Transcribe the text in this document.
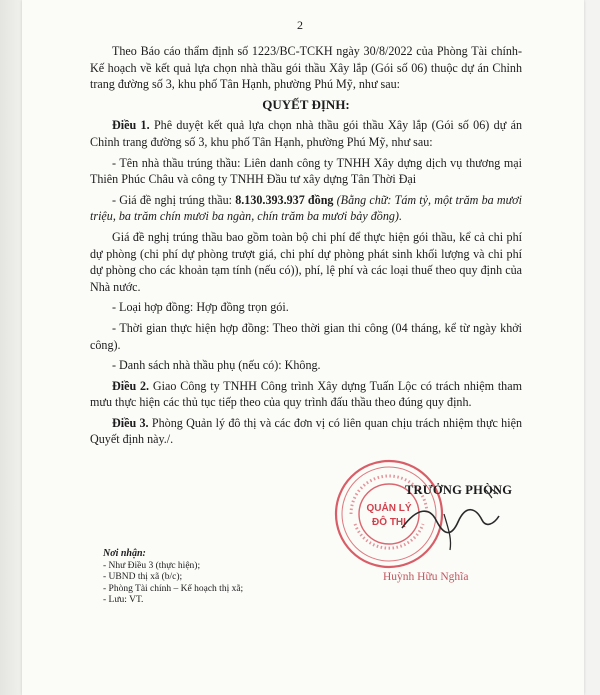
2

Theo Báo cáo thẩm định số 1223/BC-TCKH ngày 30/8/2022 của Phòng Tài chính-Kế hoạch về kết quả lựa chọn nhà thầu gói thầu Xây lắp (Gói số 06) thuộc dự án Chỉnh trang đường số 3, khu phố Tân Hạnh, phường Phú Mỹ, như sau:

QUYẾT ĐỊNH:

Điều 1. Phê duyệt kết quả lựa chọn nhà thầu gói thầu Xây lắp (Gói số 06) dự án Chỉnh trang đường số 3, khu phố Tân Hạnh, phường Phú Mỹ, như sau:

- Tên nhà thầu trúng thầu: Liên danh công ty TNHH Xây dựng dịch vụ thương mại Thiên Phúc Châu và công ty TNHH Đầu tư xây dựng Tân Thời Đại

- Giá đề nghị trúng thầu: 8.130.393.937 đồng (Bằng chữ: Tám tỷ, một trăm ba mươi triệu, ba trăm chín mươi ba ngàn, chín trăm ba mươi bảy đồng).

Giá đề nghị trúng thầu bao gồm toàn bộ chi phí để thực hiện gói thầu, kể cả chi phí dự phòng (chi phí dự phòng trượt giá, chi phí dự phòng phát sinh khối lượng và chi phí dự phòng cho các khoản tạm tính (nếu có)), phí, lệ phí và các loại thuế theo quy định của Nhà nước.

- Loại hợp đồng: Hợp đồng trọn gói.

- Thời gian thực hiện hợp đồng: Theo thời gian thi công (04 tháng, kể từ ngày khởi công).

- Danh sách nhà thầu phụ (nếu có): Không.

Điều 2. Giao Công ty TNHH Công trình Xây dựng Tuấn Lộc có trách nhiệm tham mưu thực hiện các thủ tục tiếp theo của quy trình đấu thầu theo đúng quy định.

Điều 3. Phòng Quản lý đô thị và các đơn vị có liên quan chịu trách nhiệm thực hiện Quyết định này./.

Nơi nhận:
- Như Điều 3 (thực hiện);
- UBND thị xã (b/c);
- Phòng Tài chính – Kế hoạch thị xã;
- Lưu: VT.
QUẢN LÝ
ĐÔ THỊ
TRƯỞNG PHÒNG
Huỳnh Hữu Nghĩa
